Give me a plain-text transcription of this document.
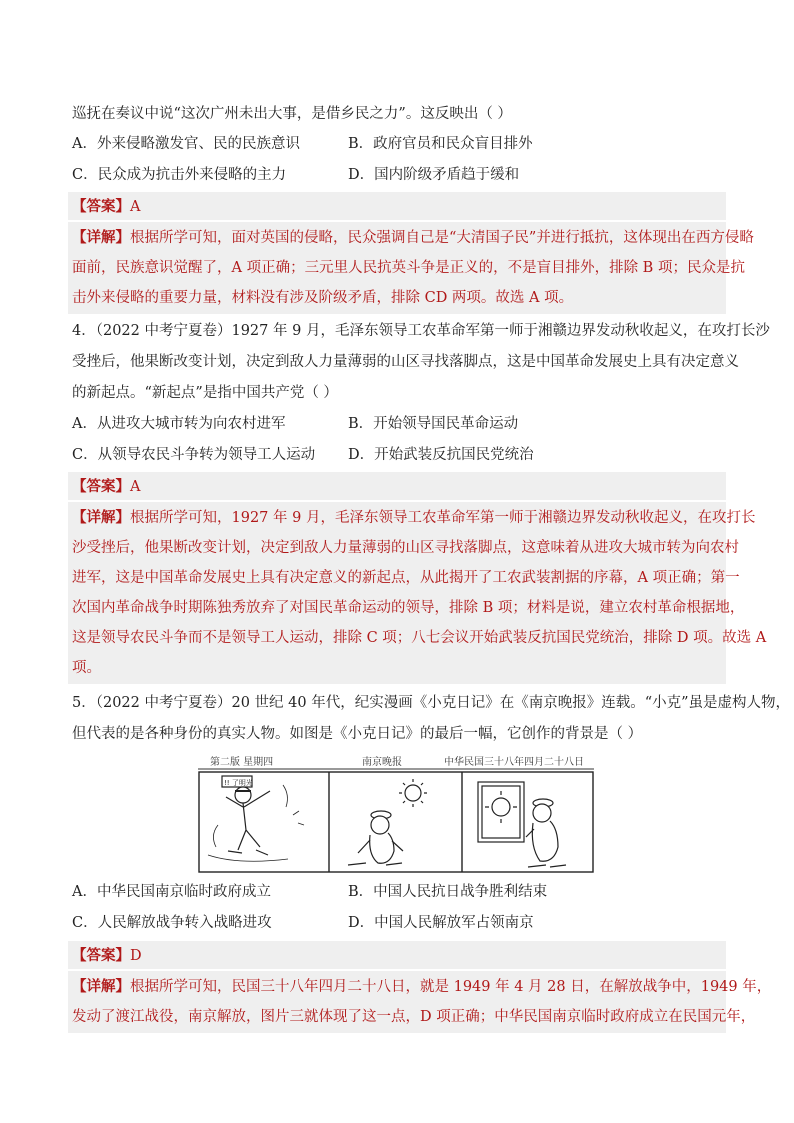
巡抚在奏议中说“这次广州未出大事，是借乡民之力”。这反映出（ ）
A．外来侵略激发官、民的民族意识	B．政府官员和民众盲目排外
C．民众成为抗击外来侵略的主力	D．国内阶级矛盾趋于缓和
【答案】A
【详解】根据所学可知，面对英国的侵略，民众强调自己是“大清国子民”并进行抵抗，这体现出在西方侵略
面前，民族意识觉醒了，A 项正确；三元里人民抗英斗争是正义的，不是盲目排外，排除 B 项；民众是抗
击外来侵略的重要力量，材料没有涉及阶级矛盾，排除 CD 两项。故选 A 项。
4．（2022 中考宁夏卷）1927 年 9 月，毛泽东领导工农革命军第一师于湘赣边界发动秋收起义，在攻打长沙
受挫后，他果断改变计划，决定到敌人力量薄弱的山区寻找落脚点，这是中国革命发展史上具有决定意义
的新起点。“新起点”是指中国共产党（ ）
A．从进攻大城市转为向农村进军	B．开始领导国民革命运动
C．从领导农民斗争转为领导工人运动 D．开始武装反抗国民党统治
【答案】A
【详解】根据所学可知，1927 年 9 月，毛泽东领导工农革命军第一师于湘赣边界发动秋收起义，在攻打长
沙受挫后，他果断改变计划，决定到敌人力量薄弱的山区寻找落脚点，这意味着从进攻大城市转为向农村
进军，这是中国革命发展史上具有决定意义的新起点，从此揭开了工农武装割据的序幕，A 项正确；第一
次国内革命战争时期陈独秀放弃了对国民革命运动的领导，排除 B 项；材料是说，建立农村革命根据地，
这是领导农民斗争而不是领导工人运动，排除 C 项；八七会议开始武装反抗国民党统治，排除 D 项。故选 A
项。
5．（2022 中考宁夏卷）20 世纪 40 年代，纪实漫画《小克日记》在《南京晚报》连载。“小克”虽是虚构人物，
但代表的是各种身份的真实人物。如图是《小克日记》的最后一幅，它创作的背景是（ ）
第二版 星期四	南京晚报	中华民国三十八年四月二十八日
!! 了明光
A．中华民国南京临时政府成立	B．中国人民抗日战争胜利结束
C．人民解放战争转入战略进攻	D．中国人民解放军占领南京
【答案】D
【详解】根据所学可知，民国三十八年四月二十八日，就是 1949 年 4 月 28 日，在解放战争中，1949 年，
发动了渡江战役，南京解放，图片三就体现了这一点，D 项正确；中华民国南京临时政府成立在民国元年，
